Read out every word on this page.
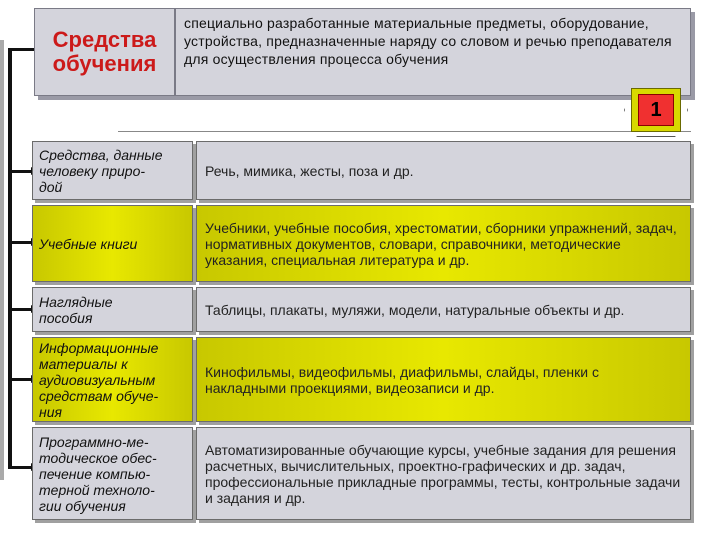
Средства
обучения
специально разработанные материальные предметы, оборудование, устройства, предназначенные наряду со словом и речью преподавателя для осуществления процесса обучения
1
Средства, данные
человеку приро-
дой
Речь, мимика, жесты, поза и др.
Учебные книги
Учебники, учебные пособия, хрестоматии, сборники упражнений, задач, нормативных документов, словари, справочники, методические указания, специальная литература и др.
Наглядные
пособия	Таблицы, плакаты, муляжи, модели, натуральные объекты и др.
Информационные
материалы к
аудиовизуальным
средствам обуче-
ния
Кинофильмы, видеофильмы, диафильмы, слайды, пленки с накладными проекциями, видеозаписи и др.
Программно-ме-
тодическое обес-
печение компью-
терной техноло-
гии обучения
Автоматизированные обучающие курсы, учебные задания для решения расчетных, вычислительных, проектно-графических и др. задач, профессиональные прикладные программы, тесты, контрольные задачи и задания и др.
